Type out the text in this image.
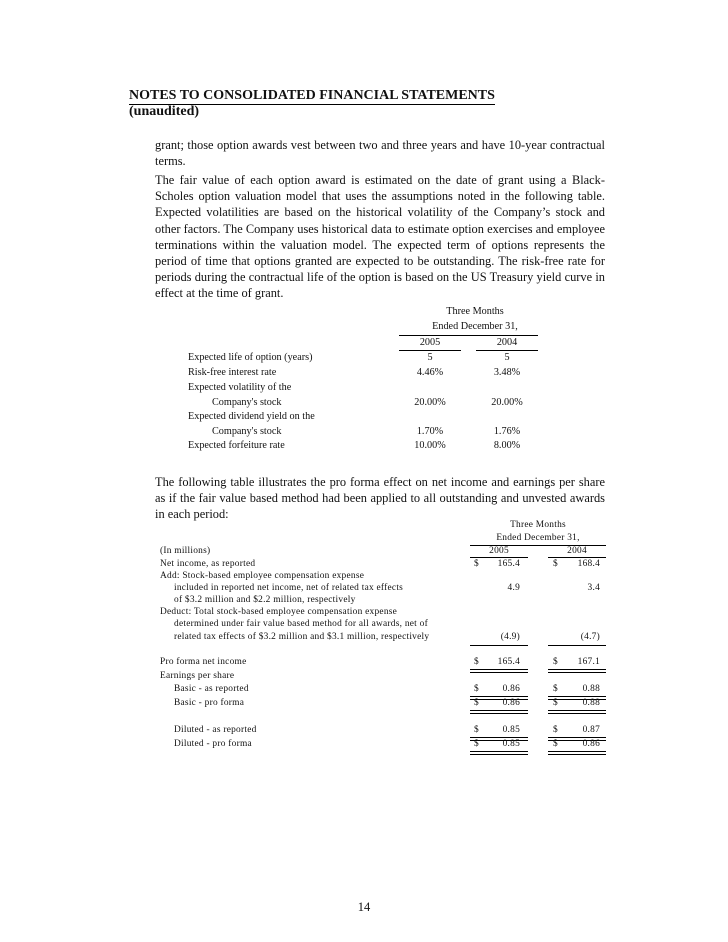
NOTES TO CONSOLIDATED FINANCIAL STATEMENTS
(unaudited)
grant; those option awards vest between two and three years and have 10-year contractual terms.
The fair value of each option award is estimated on the date of grant using a Black-Scholes option valuation model that uses the assumptions noted in the following table. Expected volatilities are based on the historical volatility of the Company’s stock and other factors. The Company uses historical data to estimate option exercises and employee terminations within the valuation model. The expected term of options represents the period of time that options granted are expected to be outstanding. The risk-free rate for periods during the contractual life of the option is based on the US Treasury yield curve in effect at the time of grant.
Three Months
Ended December 31,
2005	2004
Expected life of option (years)	5	5
Risk-free interest rate	4.46%	3.48%
Expected volatility of the
Company's stock	20.00%	20.00%
Expected dividend yield on the
Company's stock	1.70%	1.76%
Expected forfeiture rate	10.00%	8.00%
The following table illustrates the pro forma effect on net income and earnings per share as if the fair value based method had been applied to all outstanding and unvested awards in each period:
Three Months
Ended December 31,
(In millions)	2005	2004
Net income, as reported	$	165.4	$	168.4
Add: Stock-based employee compensation expense
included in reported net income, net of related tax effects	4.9	3.4
of $3.2 million and $2.2 million, respectively
Deduct: Total stock-based employee compensation expense
determined under fair value based method for all awards, net of
related tax effects of $3.2 million and $3.1 million, respectively	(4.9)	(4.7)
Pro forma net income	$	165.4	$	167.1
Earnings per share
Basic - as reported	$	0.86	$	0.88
Basic - pro forma	$	0.86	$	0.88
Diluted - as reported	$	0.85	$	0.87
Diluted - pro forma	$	0.85	$	0.86
14
